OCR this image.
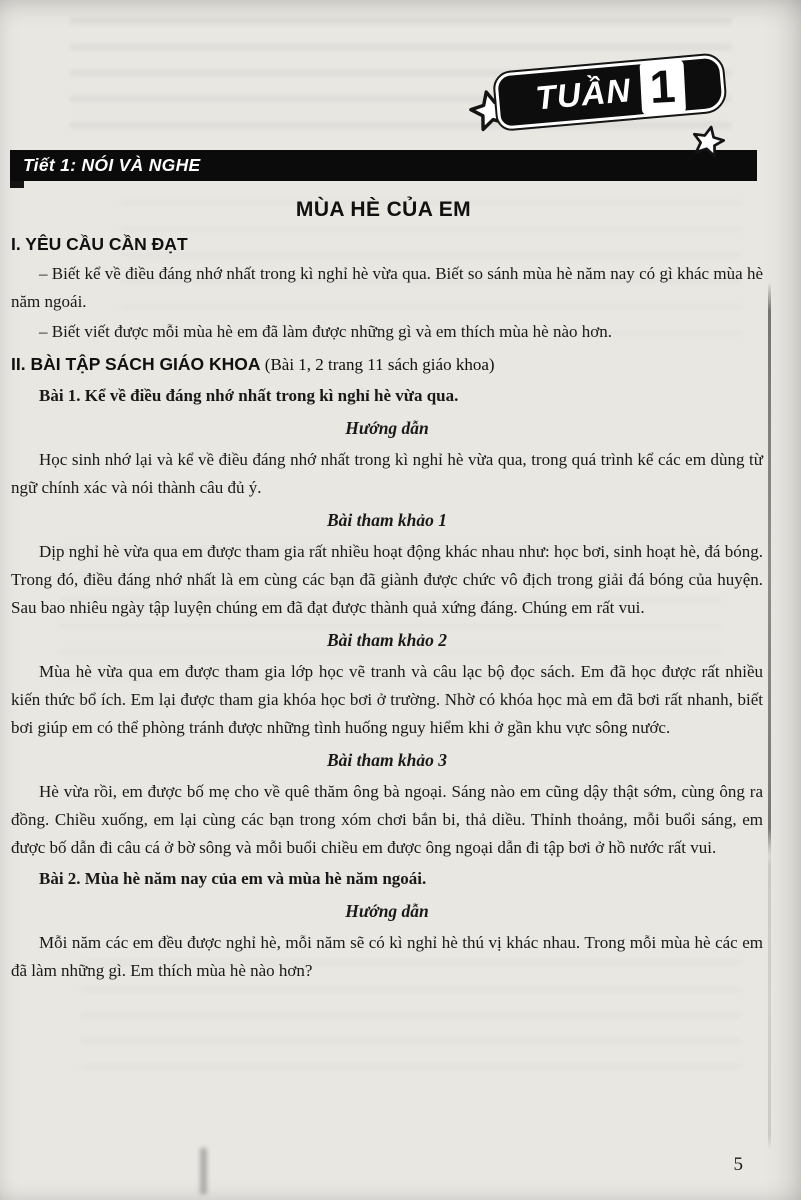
TUẦN 1
Tiết 1: NÓI VÀ NGHE
MÙA HÈ CỦA EM
I. YÊU CẦU CẦN ĐẠT

– Biết kể về điều đáng nhớ nhất trong kì nghỉ hè vừa qua. Biết so sánh mùa hè năm nay có gì khác mùa hè năm ngoái.

– Biết viết được mỗi mùa hè em đã làm được những gì và em thích mùa hè nào hơn.

II. BÀI TẬP SÁCH GIÁO KHOA (Bài 1, 2 trang 11 sách giáo khoa)

Bài 1. Kể về điều đáng nhớ nhất trong kì nghỉ hè vừa qua.

Hướng dẫn

Học sinh nhớ lại và kể về điều đáng nhớ nhất trong kì nghỉ hè vừa qua, trong quá trình kể các em dùng từ ngữ chính xác và nói thành câu đủ ý.

Bài tham khảo 1

Dịp nghỉ hè vừa qua em được tham gia rất nhiều hoạt động khác nhau như: học bơi, sinh hoạt hè, đá bóng. Trong đó, điều đáng nhớ nhất là em cùng các bạn đã giành được chức vô địch trong giải đá bóng của huyện. Sau bao nhiêu ngày tập luyện chúng em đã đạt được thành quả xứng đáng. Chúng em rất vui.

Bài tham khảo 2

Mùa hè vừa qua em được tham gia lớp học vẽ tranh và câu lạc bộ đọc sách. Em đã học được rất nhiều kiến thức bổ ích. Em lại được tham gia khóa học bơi ở trường. Nhờ có khóa học mà em đã bơi rất nhanh, biết bơi giúp em có thể phòng tránh được những tình huống nguy hiểm khi ở gần khu vực sông nước.

Bài tham khảo 3

Hè vừa rồi, em được bố mẹ cho về quê thăm ông bà ngoại. Sáng nào em cũng dậy thật sớm, cùng ông ra đồng. Chiều xuống, em lại cùng các bạn trong xóm chơi bắn bi, thả diều. Thỉnh thoảng, mỗi buổi sáng, em được bố dẫn đi câu cá ở bờ sông và mỗi buổi chiều em được ông ngoại dẫn đi tập bơi ở hồ nước rất vui.

Bài 2. Mùa hè năm nay của em và mùa hè năm ngoái.

Hướng dẫn

Mỗi năm các em đều được nghỉ hè, mỗi năm sẽ có kì nghỉ hè thú vị khác nhau. Trong mỗi mùa hè các em đã làm những gì. Em thích mùa hè nào hơn?

5
